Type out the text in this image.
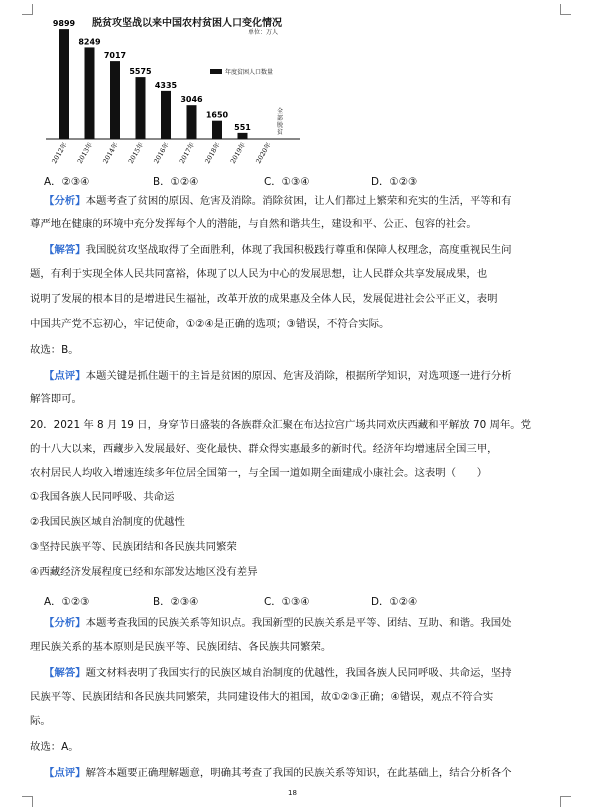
脱贫攻坚战以来中国农村贫困人口变化情况
单位：万人
年度贫困人口数量
全部脱贫
9899
2012年
8249
2013年
7017
2014年
5575
2015年
4335
2016年
3046
2017年
1650
2018年
551
2019年 2020年
A．②③④	B．①②④	C．①③④	D．①②③
【分析】本题考查了贫困的原因、危害及消除。消除贫困，让人们都过上繁荣和充实的生活，平等和有
尊严地在健康的环境中充分发挥每个人的潜能，与自然和谐共生，建设和平、公正、包容的社会。
【解答】我国脱贫攻坚战取得了全面胜利，体现了我国积极践行尊重和保障人权理念，高度重视民生问
题，有利于实现全体人民共同富裕，体现了以人民为中心的发展思想，让人民群众共享发展成果，也
说明了发展的根本目的是增进民生福祉，改革开放的成果惠及全体人民，发展促进社会公平正义，表明
中国共产党不忘初心，牢记使命，①②④是正确的选项；③错误，不符合实际。
故选：B。
【点评】本题关键是抓住题干的主旨是贫困的原因、危害及消除，根据所学知识，对选项逐一进行分析
解答即可。
20．2021 年 8 月 19 日，身穿节日盛装的各族群众汇聚在布达拉宫广场共同欢庆西藏和平解放 70 周年。党
的十八大以来，西藏步入发展最好、变化最快、群众得实惠最多的新时代。经济年均增速居全国三甲，
农村居民人均收入增速连续多年位居全国第一，与全国一道如期全面建成小康社会。这表明（　　）
①我国各族人民同呼吸、共命运
②我国民族区域自治制度的优越性
③坚持民族平等、民族团结和各民族共同繁荣
④西藏经济发展程度已经和东部发达地区没有差异
A．①②③	B．②③④	C．①③④	D．①②④
【分析】本题考查我国的民族关系等知识点。我国新型的民族关系是平等、团结、互助、和谐。我国处
理民族关系的基本原则是民族平等、民族团结、各民族共同繁荣。
【解答】题文材料表明了我国实行的民族区域自治制度的优越性，我国各族人民同呼吸、共命运，坚持
民族平等、民族团结和各民族共同繁荣，共同建设伟大的祖国，故①②③正确；④错误，观点不符合实
际。
故选：A。
【点评】解答本题要正确理解题意，明确其考查了我国的民族关系等知识，在此基础上，结合分析各个
18
